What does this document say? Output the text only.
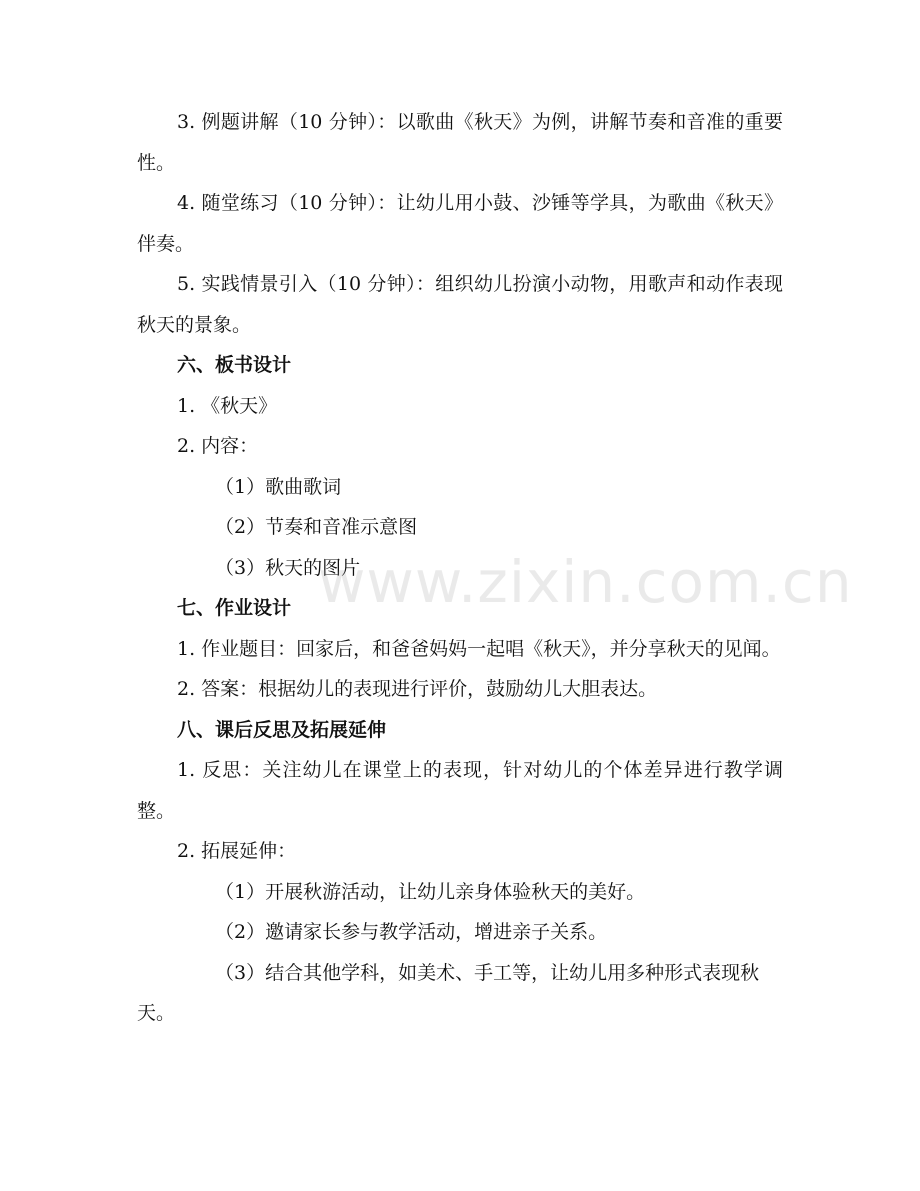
3. 例题讲解（10 分钟）：以歌曲《秋天》为例，讲解节奏和音准的重要性。

4. 随堂练习（10 分钟）：让幼儿用小鼓、沙锤等学具，为歌曲《秋天》伴奏。

5. 实践情景引入（10 分钟）：组织幼儿扮演小动物，用歌声和动作表现秋天的景象。

六、板书设计

1. 《秋天》

2. 内容：

（1）歌曲歌词

（2）节奏和音准示意图

（3）秋天的图片

七、作业设计

1. 作业题目：回家后，和爸爸妈妈一起唱《秋天》，并分享秋天的见闻。

2. 答案：根据幼儿的表现进行评价，鼓励幼儿大胆表达。

八、课后反思及拓展延伸

1. 反思：关注幼儿在课堂上的表现，针对幼儿的个体差异进行教学调整。

2. 拓展延伸：

（1）开展秋游活动，让幼儿亲身体验秋天的美好。

（2）邀请家长参与教学活动，增进亲子关系。

（3）结合其他学科，如美术、手工等，让幼儿用多种形式表现秋天。

www.zixin.com.cn
